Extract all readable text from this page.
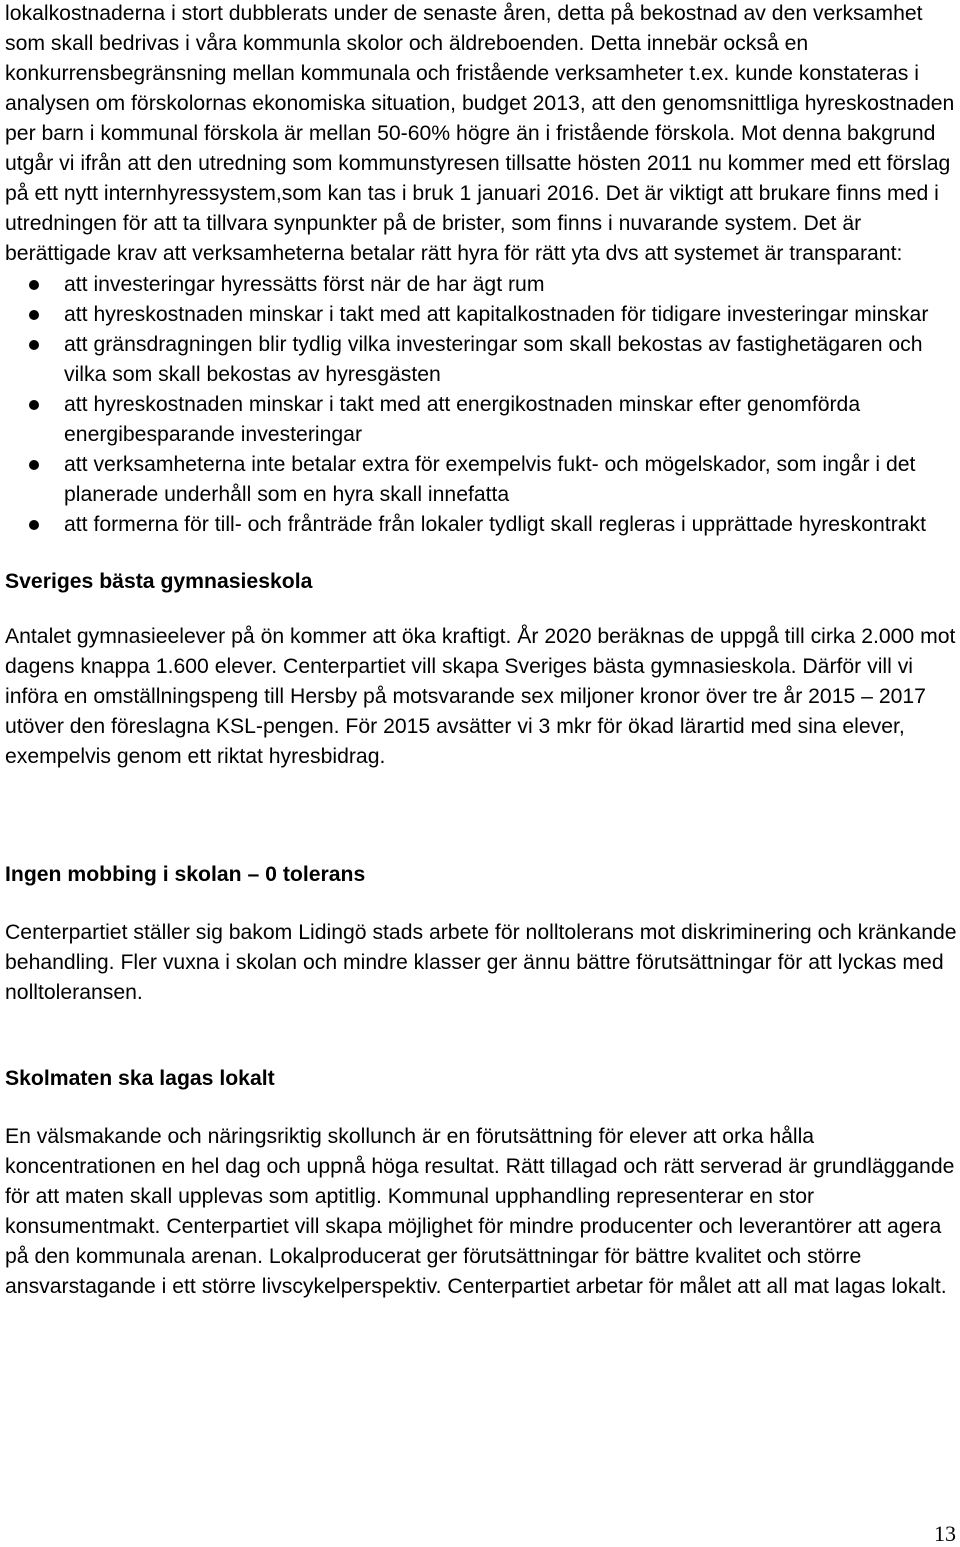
lokalkostnaderna i stort dubblerats under de senaste åren, detta på bekostnad av den verksamhet som skall bedrivas i våra kommunla skolor och äldreboenden. Detta innebär också en konkurrensbegränsning mellan kommunala och fristående verksamheter t.ex. kunde konstateras i analysen om förskolornas ekonomiska situation, budget 2013, att den genomsnittliga hyreskostnaden per barn i kommunal förskola är mellan 50-60% högre än i fristående förskola. Mot denna bakgrund utgår vi ifrån att den utredning som kommunstyresen tillsatte hösten 2011 nu kommer med ett förslag på ett nytt internhyressystem,som kan tas i bruk 1 januari 2016. Det är viktigt att brukare finns med i utredningen för att ta tillvara synpunkter på de brister, som finns i nuvarande system. Det är berättigade krav att verksamheterna betalar rätt hyra för rätt yta dvs att systemet är transparant:

att investeringar hyressätts först när de har ägt rum
att hyreskostnaden minskar i takt med att kapitalkostnaden för tidigare investeringar minskar
att gränsdragningen blir tydlig vilka investeringar som skall bekostas av fastighetägaren och vilka som skall bekostas av hyresgästen
att hyreskostnaden minskar i takt med att energikostnaden minskar efter genomförda energibesparande investeringar
att verksamheterna inte betalar extra för exempelvis fukt- och mögelskador, som ingår i det planerade underhåll som en hyra skall innefatta
att formerna för till- och frånträde från lokaler tydligt skall regleras i upprättade hyreskontrakt
Sveriges bästa gymnasieskola

Antalet gymnasieelever på ön kommer att öka kraftigt. År 2020 beräknas de uppgå till cirka 2.000 mot dagens knappa 1.600 elever. Centerpartiet vill skapa Sveriges bästa gymnasieskola. Därför vill vi införa en omställningspeng till Hersby på motsvarande sex miljoner kronor över tre år 2015 – 2017 utöver den föreslagna KSL-pengen. För 2015 avsätter vi 3 mkr för ökad lärartid med sina elever, exempelvis genom ett riktat hyresbidrag.

Ingen mobbing i skolan – 0 tolerans

Centerpartiet ställer sig bakom Lidingö stads arbete för nolltolerans mot diskriminering och kränkande behandling. Fler vuxna i skolan och mindre klasser ger ännu bättre förutsättningar för att lyckas med nolltoleransen.

Skolmaten ska lagas lokalt

En välsmakande och näringsriktig skollunch är en förutsättning för elever att orka hålla koncentrationen en hel dag och uppnå höga resultat. Rätt tillagad och rätt serverad är grundläggande för att maten skall upplevas som aptitlig. Kommunal upphandling representerar en stor konsumentmakt. Centerpartiet vill skapa möjlighet för mindre producenter och leverantörer att agera på den kommunala arenan. Lokalproducerat ger förutsättningar för bättre kvalitet och större ansvarstagande i ett större livscykelperspektiv. Centerpartiet arbetar för målet att all mat lagas lokalt.

13
